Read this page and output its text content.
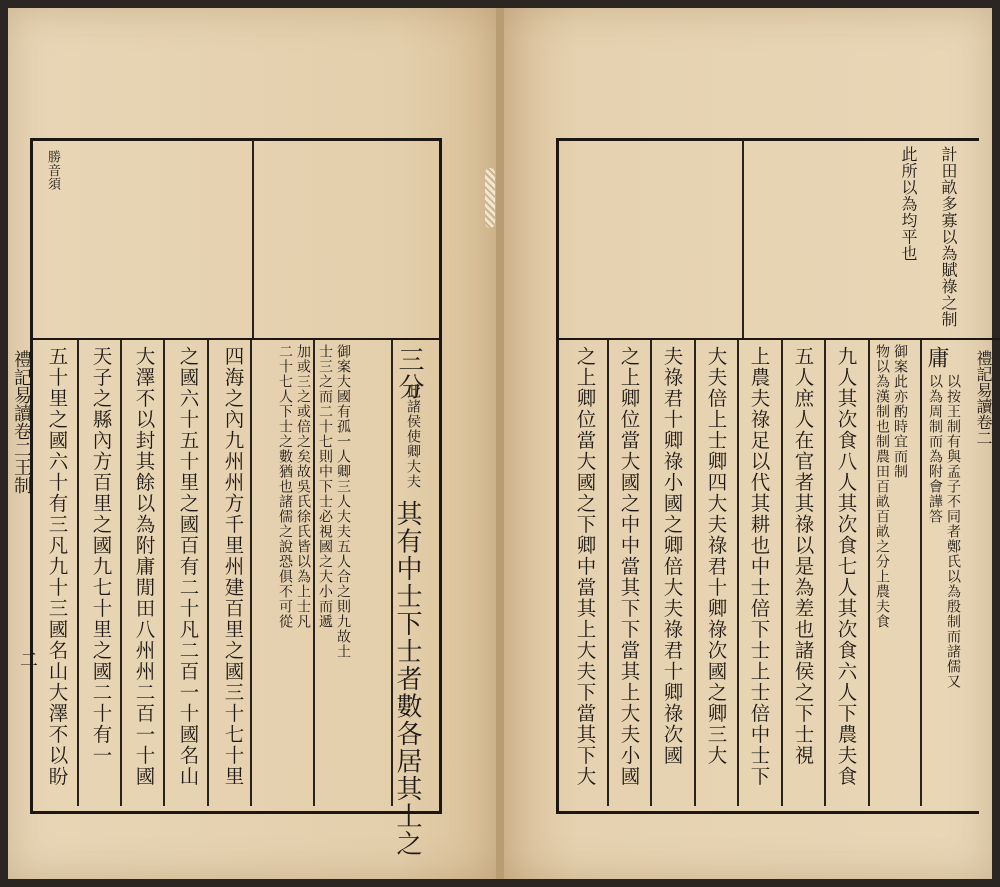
勝音須
三分
此諸侯使卿大夫
其有中士下士者數各居其上之
御案大國有孤一人卿三人大夫五人合之則九故土
士三之而二十七則中下士必視國之大小而遞
加或三之或倍之矣故吳氏徐氏皆以為上士凡
二十七人下士之數猶也諸儒之說恐俱不可從
四海之內九州州方千里州建百里之國三十七十里
之國六十五十里之國百有二十凡二百一十國名山
大澤不以封其餘以為附庸閒田八州州二百一十國
天子之縣內方百里之國九七十里之國二十有一
五十里之國六十有三凡九十三國名山大澤不以盼
禮記易讀卷二王制
二
計田畝多寡以為賦祿之制
此所以為均平也
庸
以按王制有與孟子不同者鄭氏以為殷制而諸儒又
以為周制而為附會譁答
御案此亦酌時宜而制
物以為漢制也制農田百畝百畝之分上農夫食
九人其次食八人其次食七人其次食六人下農夫食
五人庶人在官者其祿以是為差也諸侯之下士視
上農夫祿足以代其耕也中士倍下士上士倍中士下
大夫倍上士卿四大夫祿君十卿祿次國之卿三大
夫祿君十卿祿小國之卿倍大夫祿君十卿祿次國
之上卿位當大國之中中當其下下當其上大夫小國
之上卿位當大國之下卿中當其上大夫下當其下大	禮記易讀卷二
